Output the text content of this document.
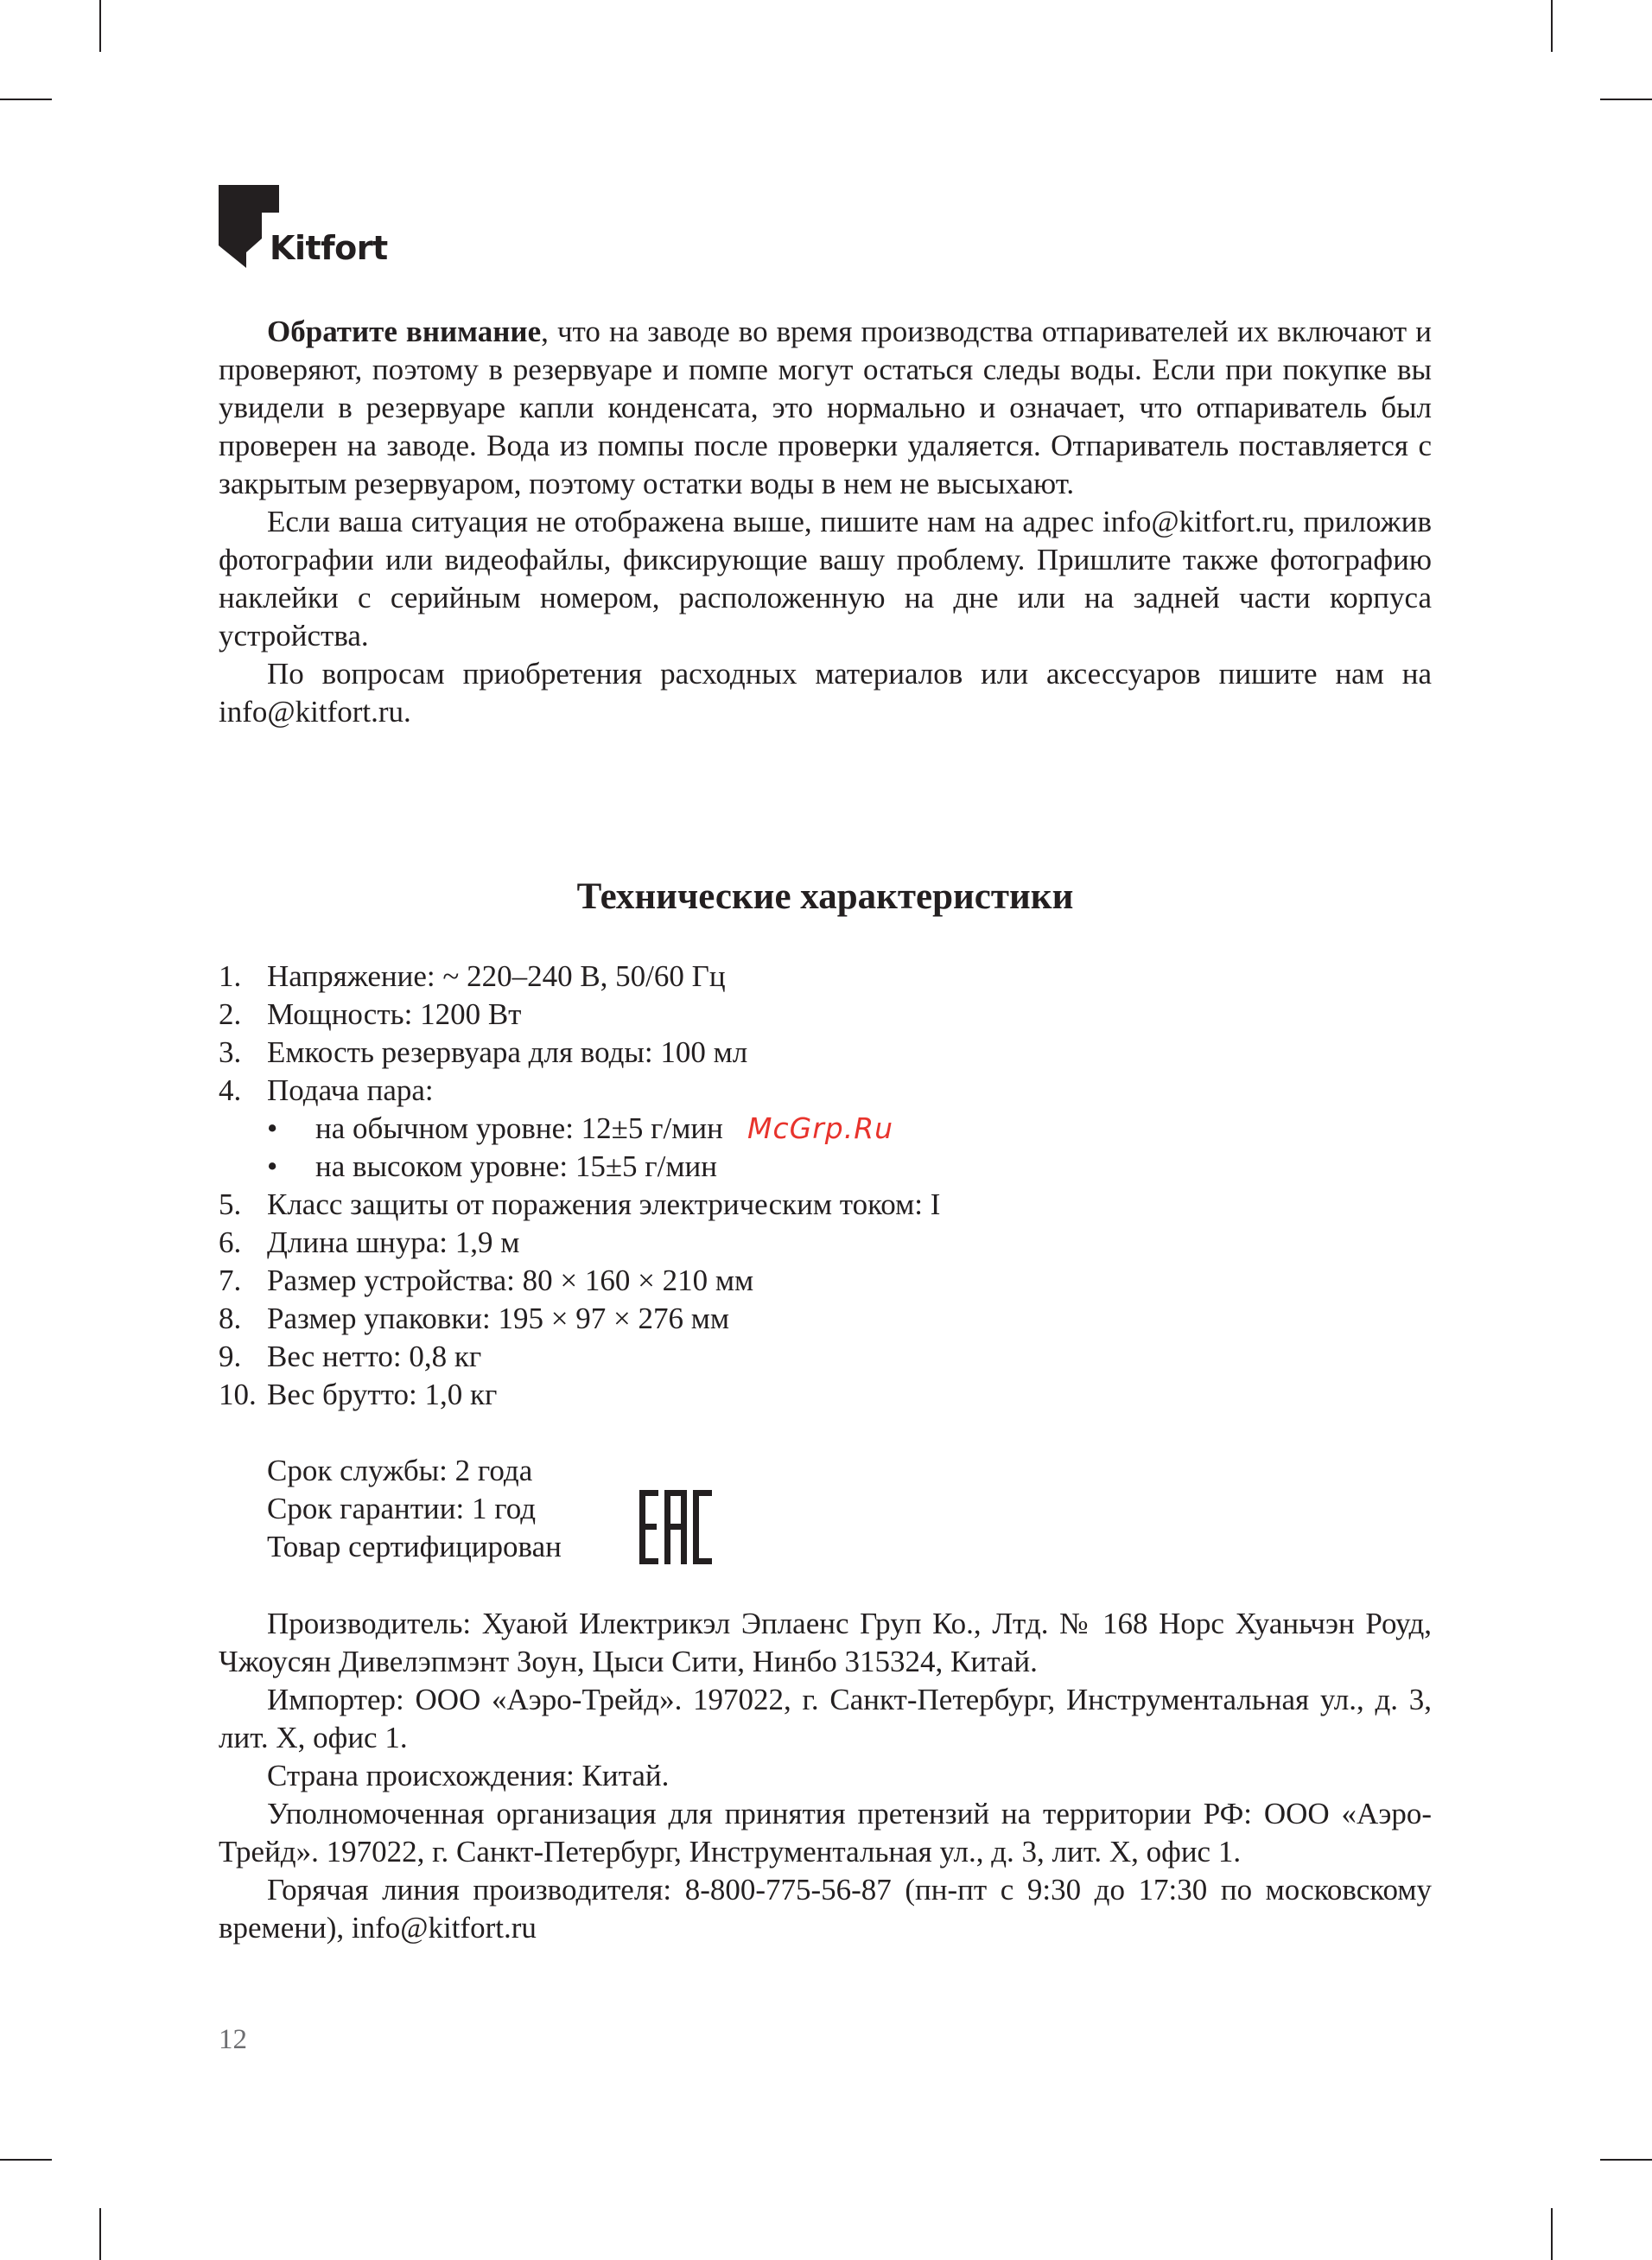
Kitfort

Обратите внимание, что на заводе во время производства отпаривателей их включают и проверяют, поэтому в резервуаре и помпе могут остаться следы воды. Если при покупке вы увидели в резервуаре капли конденсата, это нормально и означает, что отпариватель был проверен на заводе. Вода из помпы после проверки удаляется. Отпариватель поставляется с закрытым резервуаром, поэтому остатки воды в нем не высыхают.

Если ваша ситуация не отображена выше, пишите нам на адрес info@kitfort.ru, приложив фотографии или видеофайлы, фиксирующие вашу проблему. Пришлите также фотографию наклейки с серийным номером, расположенную на дне или на задней части корпуса устройства.

По вопросам приобретения расходных материалов или аксессуаров пишите нам на info@kitfort.ru.

Технические характеристики
1. Напряжение: ~ 220–240 В, 50/60 Гц
2. Мощность: 1200 Вт
3. Емкость резервуара для воды: 100 мл
4. Подача пара:
• на обычном уровне: 12±5 г/мин
• на высоком уровне: 15±5 г/мин
5. Класс защиты от поражения электрическим током: I
6. Длина шнура: 1,9 м
7. Размер устройства: 80 × 160 × 210 мм
8. Размер упаковки: 195 × 97 × 276 мм
9. Вес нетто: 0,8 кг
10. Вес брутто: 1,0 кг
McGrp.Ru
Срок службы: 2 года
Срок гарантии: 1 год
Товар сертифицирован

Производитель: Хуаюй Илектрикэл Эплаенс Груп Ко., Лтд. № 168 Норс Хуаньчэн Роуд, Чжоусян Дивелэпмэнт Зоун, Цыси Сити, Нинбо 315324, Китай.

Импортер: ООО «Аэро-Трейд». 197022, г. Санкт-Петербург, Инструментальная ул., д. 3, лит. Х, офис 1.

Страна происхождения: Китай.

Уполномоченная организация для принятия претензий на территории РФ: ООО «Аэро-Трейд». 197022, г. Санкт-Петербург, Инструментальная ул., д. 3, лит. Х, офис 1.

Горячая линия производителя: 8-800-775-56-87 (пн-пт с 9:30 до 17:30 по московскому времени), info@kitfort.ru

12
